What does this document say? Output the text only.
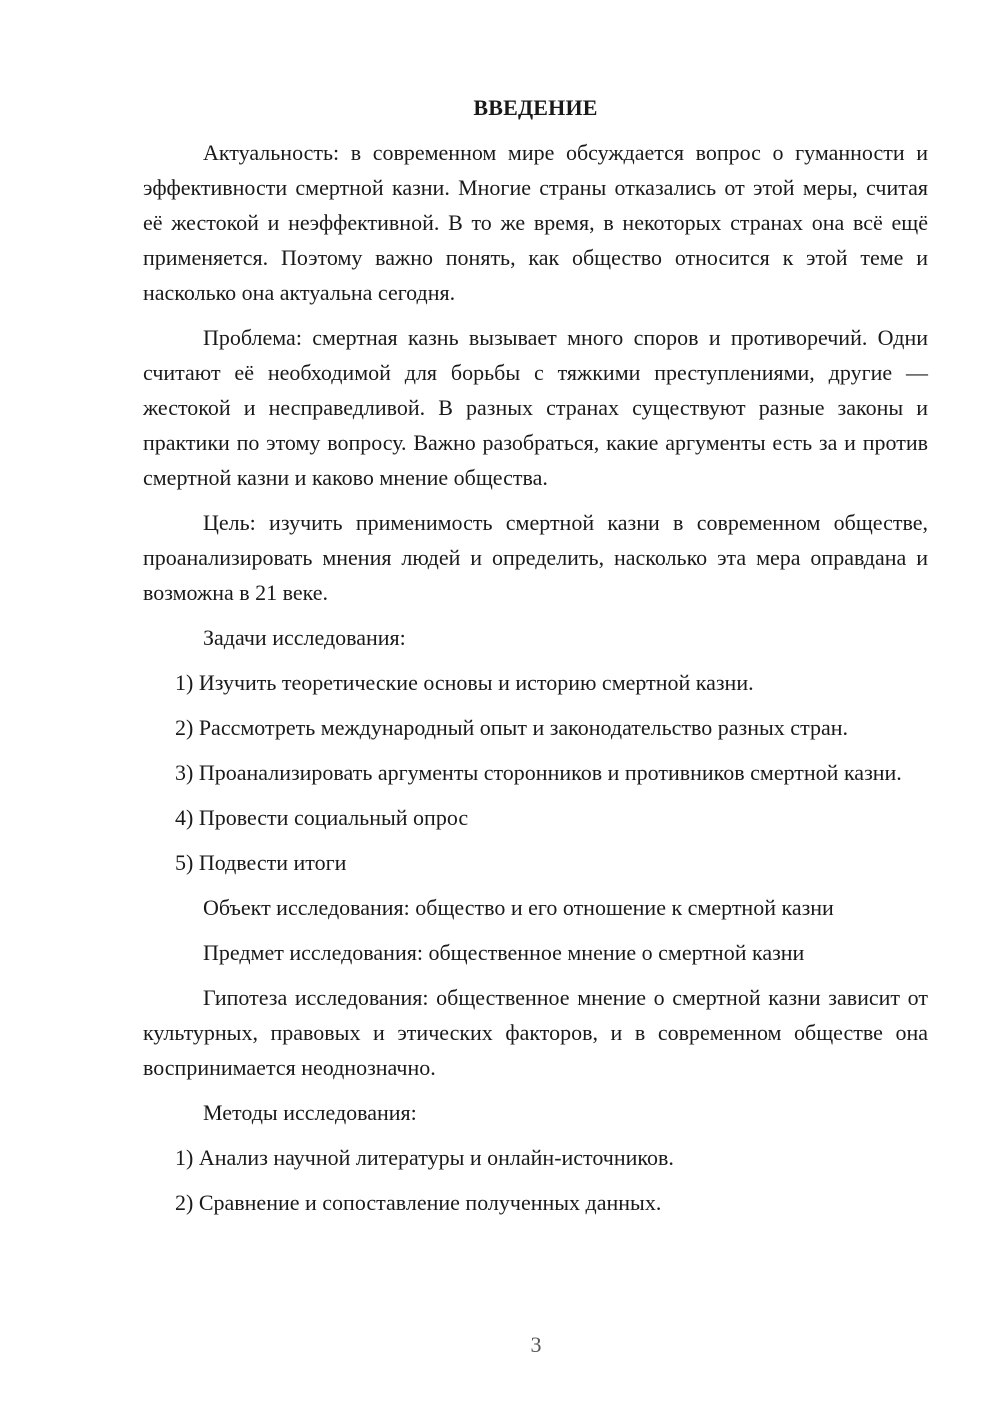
ВВЕДЕНИЕ

Актуальность: в современном мире обсуждается вопрос о гуманности и эффективности смертной казни. Многие страны отказались от этой меры, считая её жестокой и неэффективной. В то же время, в некоторых странах она всё ещё применяется. Поэтому важно понять, как общество относится к этой теме и насколько она актуальна сегодня.

Проблема: смертная казнь вызывает много споров и противоречий. Одни считают её необходимой для борьбы с тяжкими преступлениями, другие — жестокой и несправедливой. В разных странах существуют разные законы и практики по этому вопросу. Важно разобраться, какие аргументы есть за и против смертной казни и каково мнение общества.

Цель: изучить применимость смертной казни в современном обществе, проанализировать мнения людей и определить, насколько эта мера оправдана и возможна в 21 веке.

Задачи исследования:

1) Изучить теоретические основы и историю смертной казни.

2) Рассмотреть международный опыт и законодательство разных стран.

3) Проанализировать аргументы сторонников и противников смертной казни.

4) Провести социальный опрос

5) Подвести итоги

Объект исследования: общество и его отношение к смертной казни

Предмет исследования: общественное мнение о смертной казни

Гипотеза исследования: общественное мнение о смертной казни зависит от культурных, правовых и этических факторов, и в современном обществе она воспринимается неоднозначно.

Методы исследования:

1) Анализ научной литературы и онлайн-источников.

2) Сравнение и сопоставление полученных данных.

3
